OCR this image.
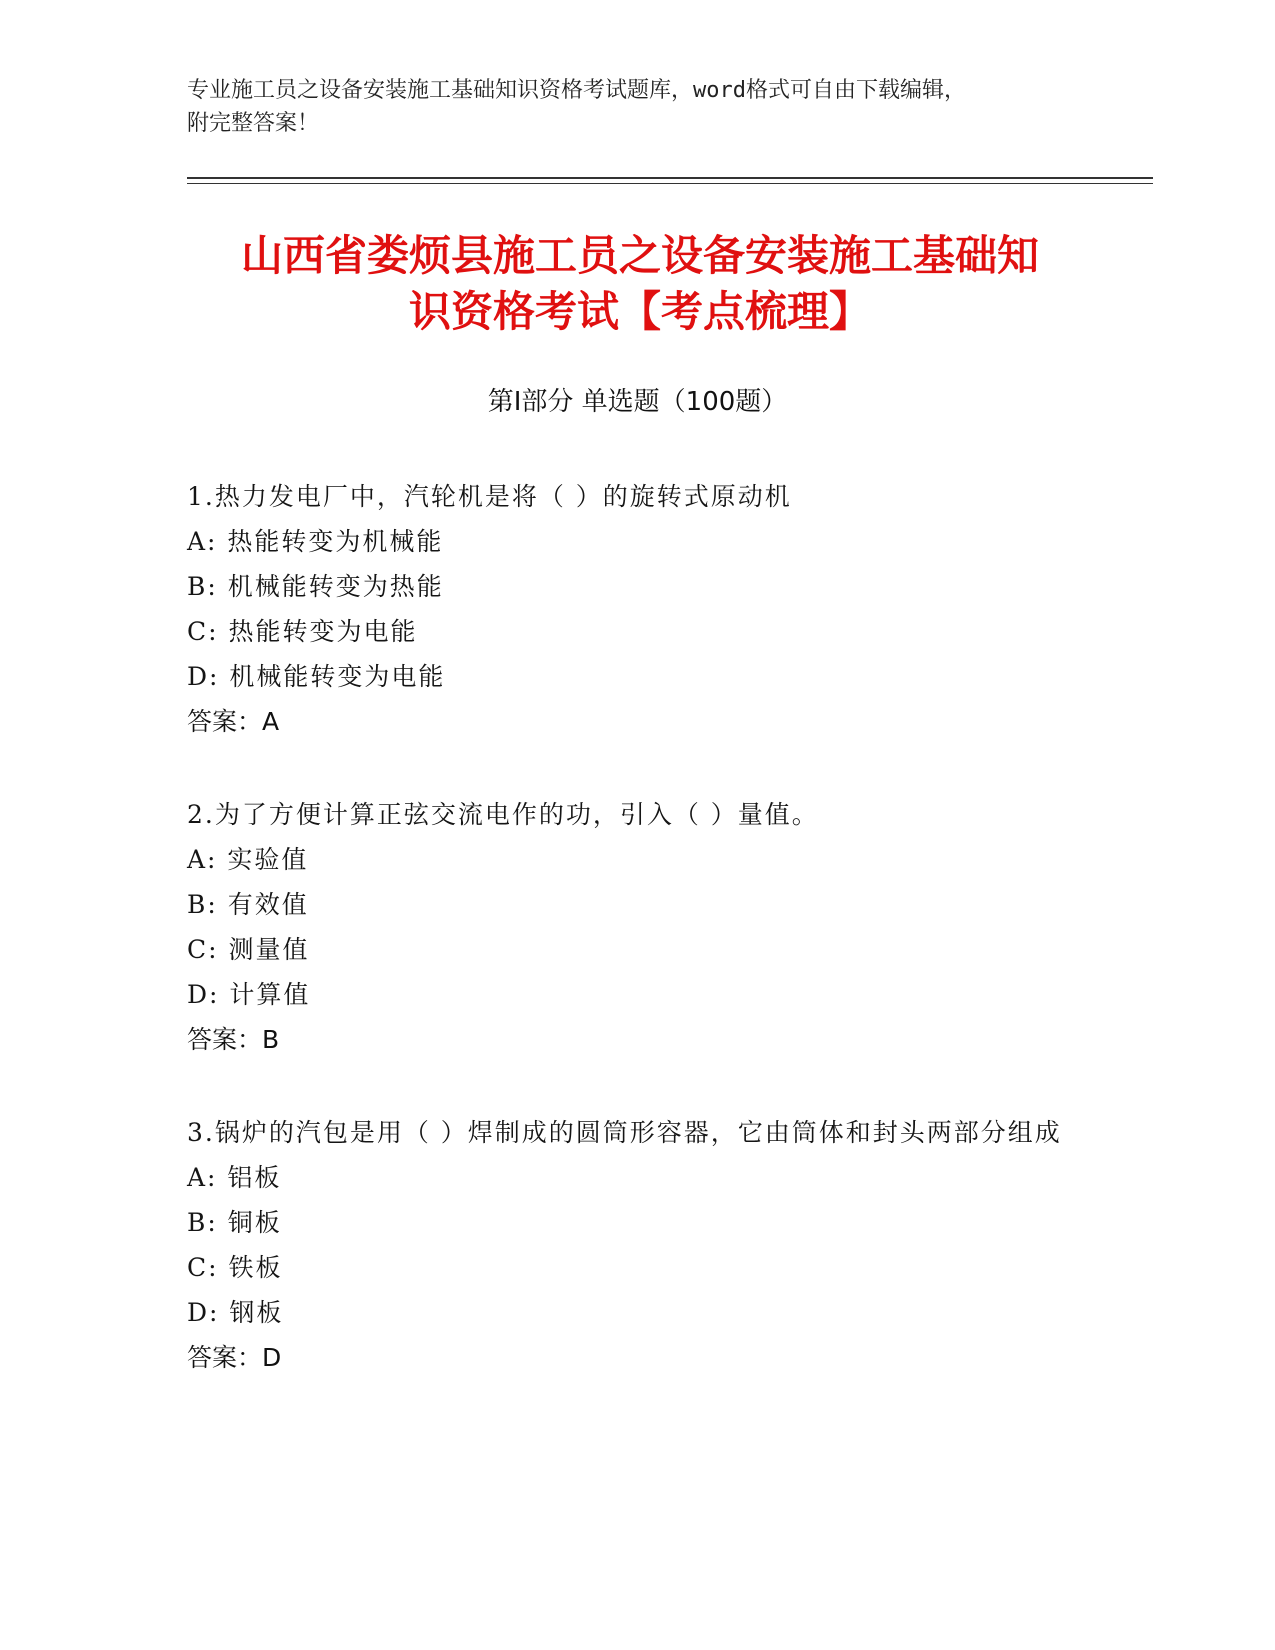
专业施工员之设备安装施工基础知识资格考试题库，word格式可自由下载编辑，
附完整答案！
山西省娄烦县施工员之设备安装施工基础知
识资格考试【考点梳理】
第Ⅰ部分 单选题（100题）
1.热力发电厂中，汽轮机是将（ ）的旋转式原动机
A: 热能转变为机械能
B: 机械能转变为热能
C: 热能转变为电能
D: 机械能转变为电能
答案：A
2.为了方便计算正弦交流电作的功，引入（ ）量值。
A: 实验值
B: 有效值
C: 测量值
D: 计算值
答案：B
3.锅炉的汽包是用（ ）焊制成的圆筒形容器，它由筒体和封头两部分组成
A: 铝板
B: 铜板
C: 铁板
D: 钢板
答案：D
